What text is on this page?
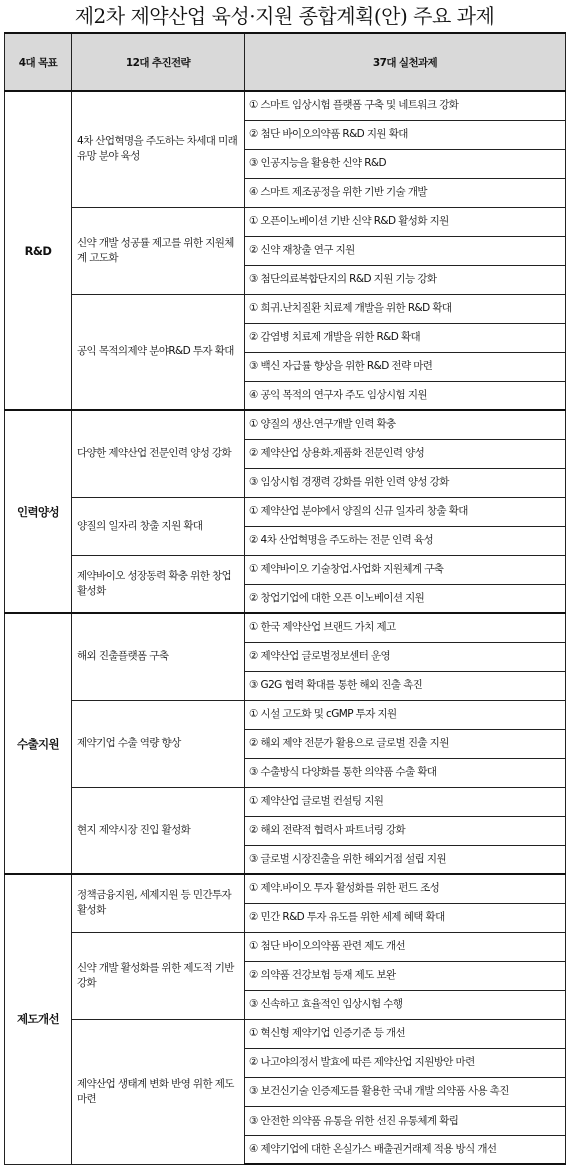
제2차 제약산업 육성·지원 종합계획(안) 주요 과제
4대 목표	12대 추진전략	37대 실천과제
R&D	4차 산업혁명을 주도하는 차세대 미래 유망 분야 육성	① 스마트 임상시험 플랫폼 구축 및 네트워크 강화
		② 첨단 바이오의약품 R&D 지원 확대
		③ 인공지능을 활용한 신약 R&D
		④ 스마트 제조공정을 위한 기반 기술 개발
	신약 개발 성공률 제고를 위한 지원체계 고도화	① 오픈이노베이션 기반 신약 R&D 활성화 지원
		② 신약 재창출 연구 지원
		③ 첨단의료복합단지의 R&D 지원 기능 강화
	공익 목적의제약 분야R&D 투자 확대	① 희귀.난치질환 치료제 개발을 위한 R&D 확대
		② 감염병 치료제 개발을 위한 R&D 확대
		③ 백신 자급률 향상을 위한 R&D 전략 마련
		④ 공익 목적의 연구자 주도 임상시험 지원
인력양성	다양한 제약산업 전문인력 양성 강화	① 양질의 생산.연구개발 인력 확충
		② 제약산업 상용화.제품화 전문인력 양성
		③ 임상시험 경쟁력 강화를 위한 인력 양성 강화
	양질의 일자리 창출 지원 확대	① 제약산업 분야에서 양질의 신규 일자리 창출 확대
		② 4차 산업혁명을 주도하는 전문 인력 육성
	제약바이오 성장동력 확충 위한 창업 활성화	① 제약바이오 기술창업.사업화 지원체계 구축
		② 창업기업에 대한 오픈 이노베이션 지원
수출지원	해외 진출플랫폼 구축	① 한국 제약산업 브랜드 가치 제고
		② 제약산업 글로벌정보센터 운영
		③ G2G 협력 확대를 통한 해외 진출 촉진
	제약기업 수출 역량 향상	① 시설 고도화 및 cGMP 투자 지원
		② 해외 제약 전문가 활용으로 글로벌 진출 지원
		③ 수출방식 다양화를 통한 의약품 수출 확대
	현지 제약시장 진입 활성화	① 제약산업 글로벌 컨설팅 지원
		② 해외 전략적 협력사 파트너링 강화
		③ 글로벌 시장진출을 위한 해외거점 설립 지원
제도개선	정책금융지원, 세제지원 등 민간투자 활성화	① 제약.바이오 투자 활성화를 위한 펀드 조성
		② 민간 R&D 투자 유도를 위한 세제 혜택 확대
	신약 개발 활성화를 위한 제도적 기반 강화	① 첨단 바이오의약품 관련 제도 개선
		② 의약품 건강보험 등재 제도 보완
		③ 신속하고 효율적인 임상시험 수행
	제약산업 생태계 변화 반영 위한 제도 마련	① 혁신형 제약기업 인증기준 등 개선
		② 나고야의정서 발효에 따른 제약산업 지원방안 마련
		③ 보건신기술 인증제도를 활용한 국내 개발 의약품 사용 촉진
		③ 안전한 의약품 유통을 위한 선진 유통체계 확립
		④ 제약기업에 대한 온실가스 배출권거래제 적용 방식 개선
